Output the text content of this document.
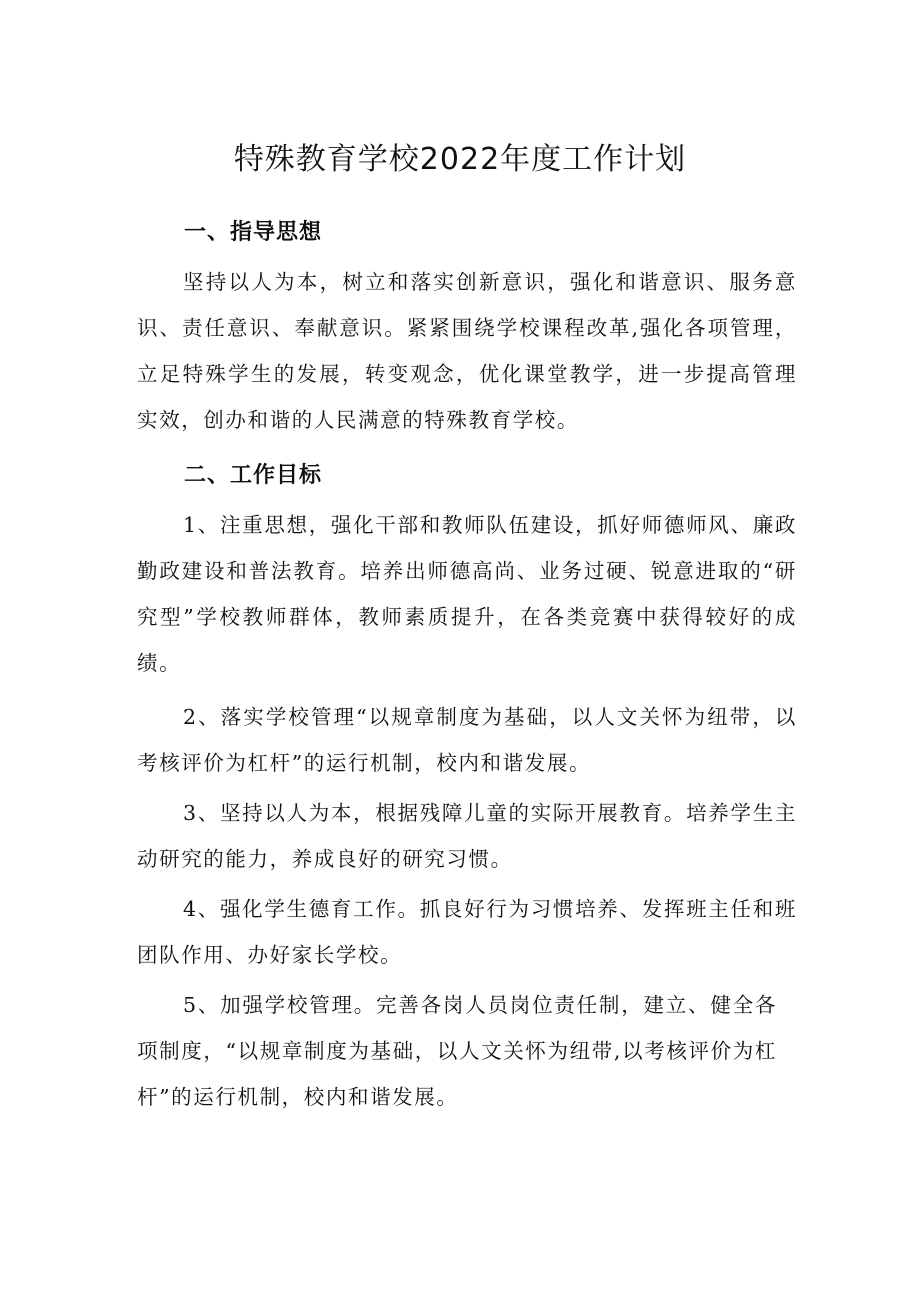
特殊教育学校2022年度工作计划
一、指导思想

坚持以人为本，树立和落实创新意识，强化和谐意识、服务意识、责任意识、奉献意识。紧紧围绕学校课程改革,强化各项管理，立足特殊学生的发展，转变观念，优化课堂教学，进一步提高管理实效，创办和谐的人民满意的特殊教育学校。

二、工作目标

1、注重思想，强化干部和教师队伍建设，抓好师德师风、廉政勤政建设和普法教育。培养出师德高尚、业务过硬、锐意进取的“研究型”学校教师群体，教师素质提升，在各类竞赛中获得较好的成绩。

2、落实学校管理“以规章制度为基础，以人文关怀为纽带，以考核评价为杠杆”的运行机制，校内和谐发展。

3、坚持以人为本，根据残障儿童的实际开展教育。培养学生主动研究的能力，养成良好的研究习惯。

4、强化学生德育工作。抓良好行为习惯培养、发挥班主任和班团队作用、办好家长学校。

5、加强学校管理。完善各岗人员岗位责任制，建立、健全各项制度，“以规章制度为基础，以人文关怀为纽带,以考核评价为杠杆”的运行机制，校内和谐发展。
